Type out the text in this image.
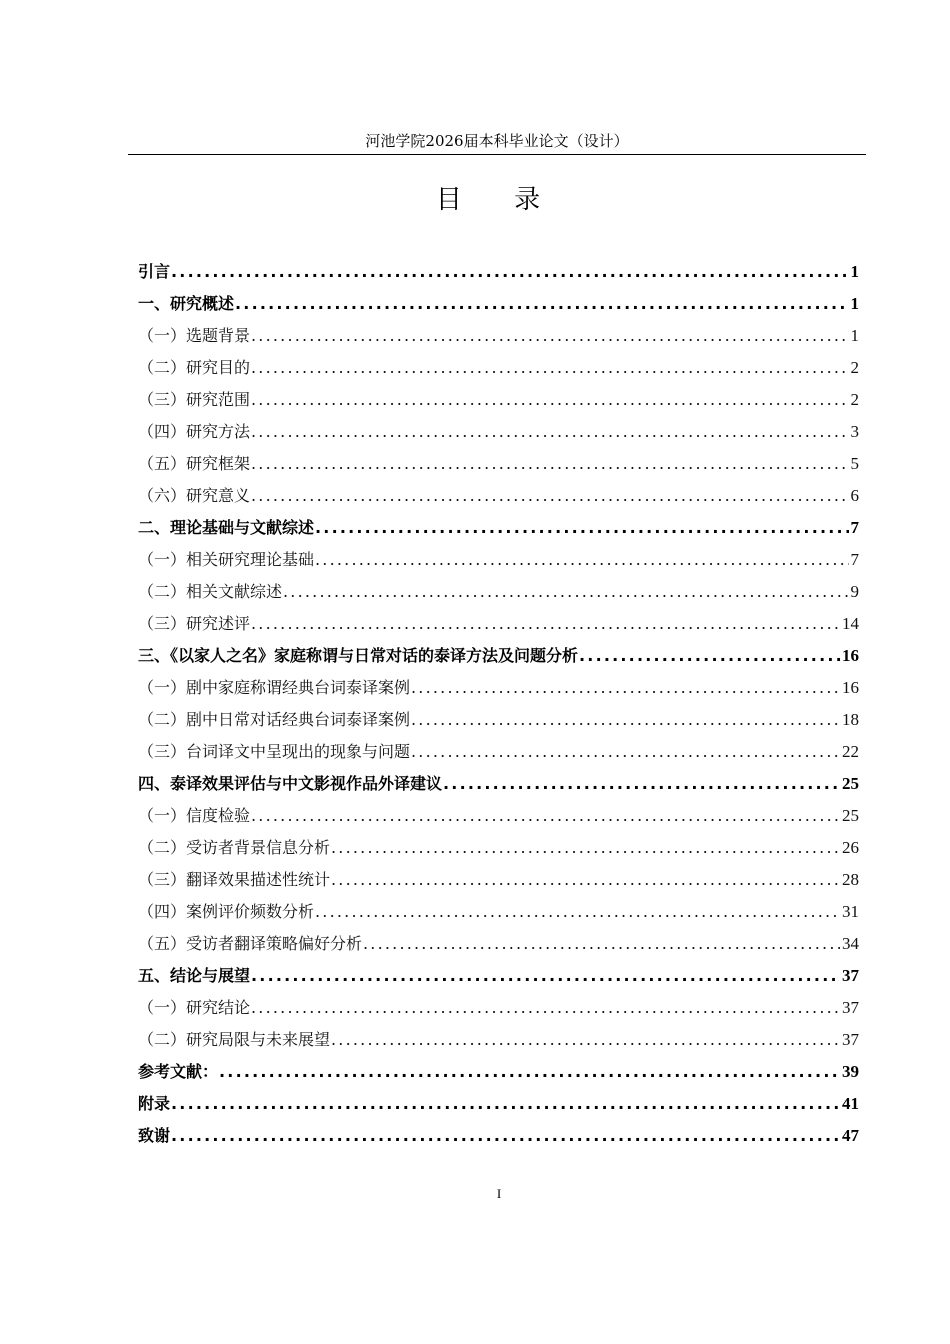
河池学院2026届本科毕业论文（设计）
目 录
引言 .....	1
一、研究概述 .....	1
（一）选题背景 .....	1
（二）研究目的 .....	2
（三）研究范围 .....	2
（四）研究方法 .....	3
（五）研究框架 .....	5
（六）研究意义 .....	6
二、理论基础与文献综述 .....	7
（一）相关研究理论基础 .....	7
（二）相关文献综述 .....	9
（三）研究述评 .....	14
三、《以家人之名》家庭称谓与日常对话的泰译方法及问题分析 .....	16
（一）剧中家庭称谓经典台词泰译案例 .....	16
（二）剧中日常对话经典台词泰译案例 .....	18
（三）台词译文中呈现出的现象与问题 .....	22
四、泰译效果评估与中文影视作品外译建议 .....	25
（一）信度检验 .....	25
（二）受访者背景信息分析 .....	26
（三）翻译效果描述性统计 .....	28
（四）案例评价频数分析 .....	31
（五）受访者翻译策略偏好分析 .....	34
五、结论与展望 .....	37
（一）研究结论 .....	37
（二）研究局限与未来展望 .....	37
参考文献： .....	39
附录 .....	41
致谢 .....	47
I
